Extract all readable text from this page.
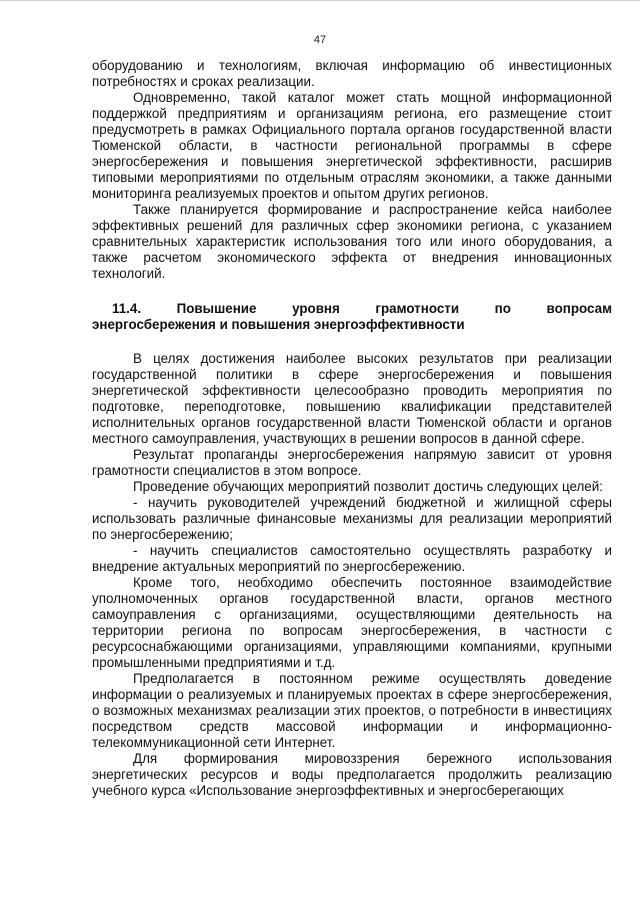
47

оборудованию и технологиям, включая информацию об инвестиционных потребностях и сроках реализации.

Одновременно, такой каталог может стать мощной информационной поддержкой предприятиям и организациям региона, его размещение стоит предусмотреть в рамках Официального портала органов государственной власти Тюменской области, в частности региональной программы в сфере энергосбережения и повышения энергетической эффективности, расширив типовыми мероприятиями по отдельным отраслям экономики, а также данными мониторинга реализуемых проектов и опытом других регионов.

Также планируется формирование и распространение кейса наиболее эффективных решений для различных сфер экономики региона, с указанием сравнительных характеристик использования того или иного оборудования, а также расчетом экономического эффекта от внедрения инновационных технологий.

11.4.	Повышение	уровня	грамотности	по	вопросам
энергосбережения и повышения энергоэффективности

В целях достижения наиболее высоких результатов при реализации государственной политики в сфере энергосбережения и повышения энергетической эффективности целесообразно проводить мероприятия по подготовке, переподготовке, повышению квалификации представителей исполнительных органов государственной власти Тюменской области и органов местного самоуправления, участвующих в решении вопросов в данной сфере.

Результат пропаганды энергосбережения напрямую зависит от уровня грамотности специалистов в этом вопросе.

Проведение обучающих мероприятий позволит достичь следующих целей:

- научить руководителей учреждений бюджетной и жилищной сферы использовать различные финансовые механизмы для реализации мероприятий по энергосбережению;

- научить специалистов самостоятельно осуществлять разработку и внедрение актуальных мероприятий по энергосбережению.

Кроме того, необходимо обеспечить постоянное взаимодействие уполномоченных органов государственной власти, органов местного самоуправления с организациями, осуществляющими деятельность на территории региона по вопросам энергосбережения, в частности с ресурсоснабжающими организациями, управляющими компаниями, крупными промышленными предприятиями и т.д.

Предполагается в постоянном режиме осуществлять доведение информации о реализуемых и планируемых проектах в сфере энергосбережения, о возможных механизмах реализации этих проектов, о потребности в инвестициях посредством средств массовой информации и информационно-телекоммуникационной сети Интернет.

Для формирования мировоззрения бережного использования энергетических ресурсов и воды предполагается продолжить реализацию учебного курса «Использование энергоэффективных и энергосберегающих
